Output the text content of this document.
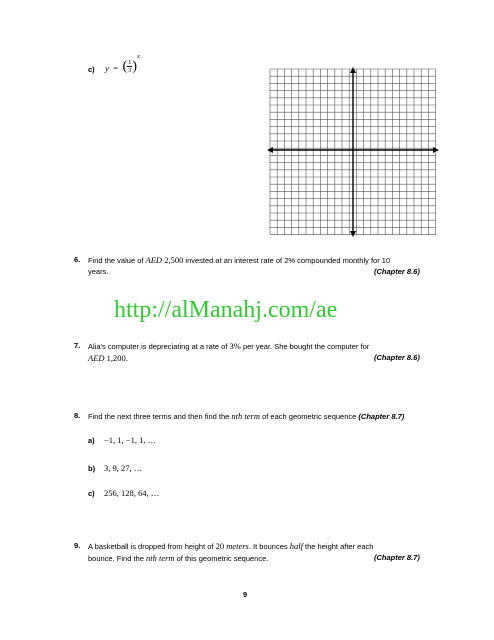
c) y = ( $\frac{1}{3} )^x$
6. Find the value of AED 2,500 invested at an interest rate of 2% compounded monthly for 10
years.	(Chapter 8.6)
http://alManahj.com/ae
7. Alia's computer is depreciating at a rate of 3% per year. She bought the computer for
AED 1,200.	(Chapter 8.6)
8. Find the next three terms and then find the nth term of each geometric sequence (Chapter 8.7)
a) −1, 1, −1, 1, …
b) 3, 9, 27, …
c) 256, 128, 64, …
9. A basketball is dropped from height of 20 meters. It bounces half the height after each
bounce. Find the nth term of this geometric sequence.	(Chapter 8.7)
9
